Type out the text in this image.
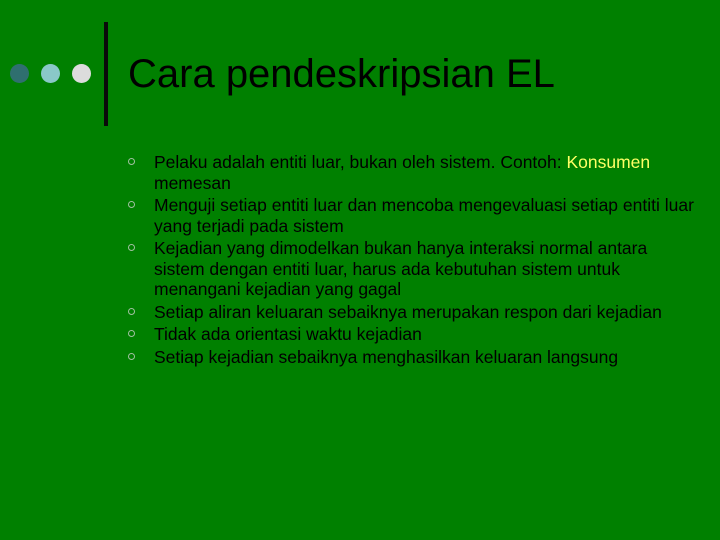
Cara pendeskripsian EL
Pelaku adalah entiti luar, bukan oleh sistem. Contoh: Konsumen memesan
Menguji setiap entiti luar dan mencoba mengevaluasi setiap entiti luar yang terjadi pada sistem
Kejadian yang dimodelkan bukan hanya interaksi normal antara sistem dengan entiti luar, harus ada kebutuhan sistem untuk menangani kejadian yang gagal
Setiap aliran keluaran sebaiknya merupakan respon dari kejadian
Tidak ada orientasi waktu kejadian
Setiap kejadian sebaiknya menghasilkan keluaran langsung
